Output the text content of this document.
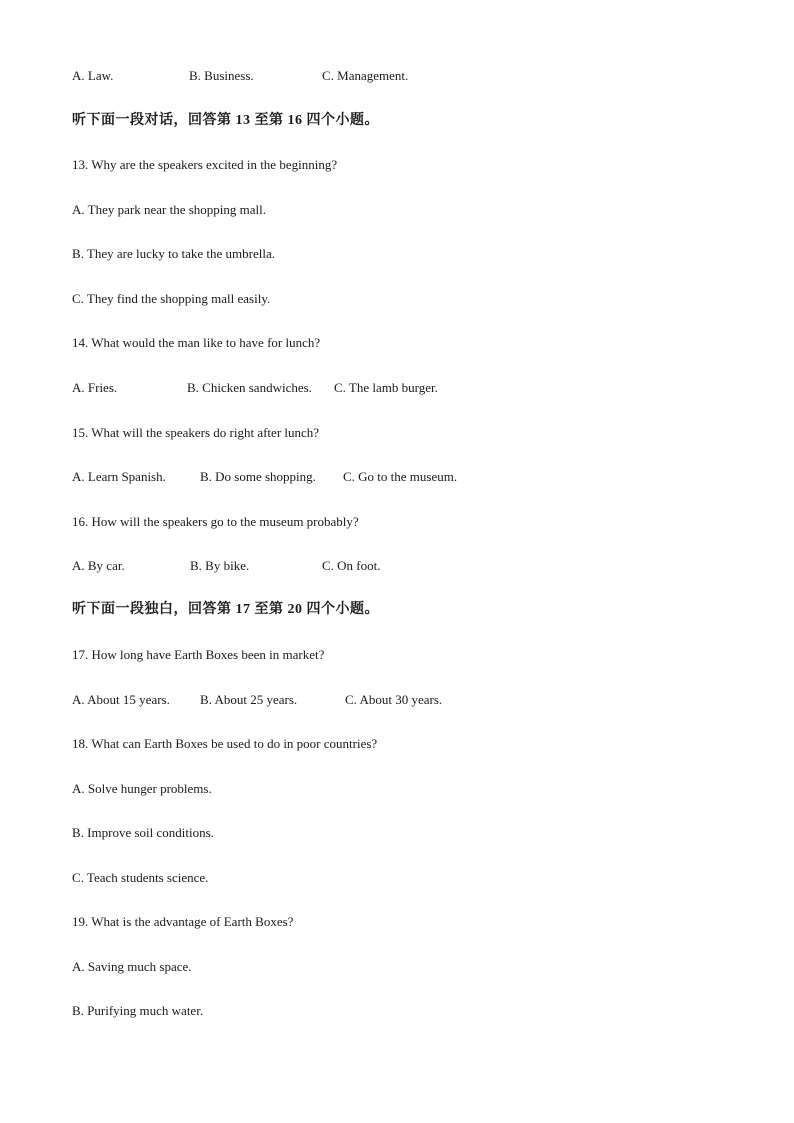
A. Law.	B. Business.	C. Management.
听下面一段对话，回答第 13 至第 16 四个小题。
13. Why are the speakers excited in the beginning?
A. They park near the shopping mall.
B. They are lucky to take the umbrella.
C. They find the shopping mall easily.
14. What would the man like to have for lunch?
A. Fries.	B. Chicken sandwiches. C. The lamb burger.
15. What will the speakers do right after lunch?
A. Learn Spanish.	B. Do some shopping. C. Go to the museum.
16. How will the speakers go to the museum probably?
A. By car.	B. By bike.	C. On foot.
听下面一段独白，回答第 17 至第 20 四个小题。
17. How long have Earth Boxes been in market?
A. About 15 years. B. About 25 years.	C. About 30 years.
18. What can Earth Boxes be used to do in poor countries?
A. Solve hunger problems.
B. Improve soil conditions.
C. Teach students science.
19. What is the advantage of Earth Boxes?
A. Saving much space.
B. Purifying much water.
